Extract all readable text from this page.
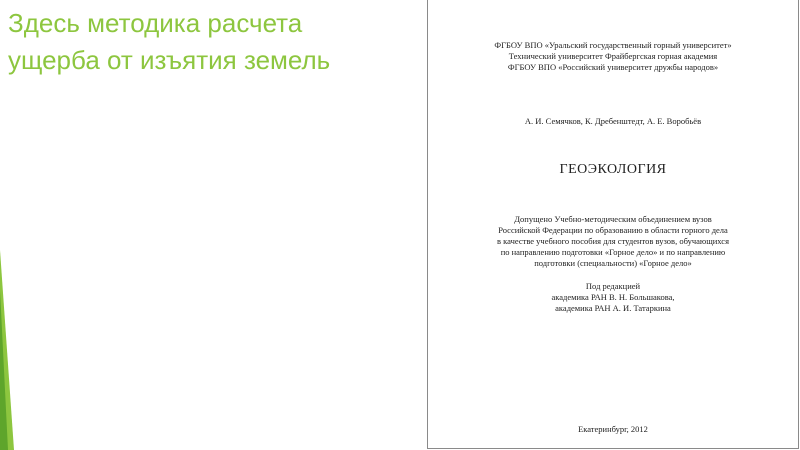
Здесь методика расчета
ущерба от изъятия земель	ФГБОУ ВПО «Уральский государственный горный университет»
Технический университет Фрайбергская горная академия
ФГБОУ ВПО «Российский университет дружбы народов»
А. И. Семячков, К. Дребенштедт, А. Е. Воробьёв
ГЕОЭКОЛОГИЯ
Допущено Учебно-методическим объединением вузов
Российской Федерации по образованию в области горного дела
в качестве учебного пособия для студентов вузов, обучающихся
по направлению подготовки «Горное дело» и по направлению
подготовки (специальности) «Горное дело»
Под редакцией
академика РАН В. Н. Большакова,
академика РАН А. И. Татаркина
Екатеринбург, 2012
